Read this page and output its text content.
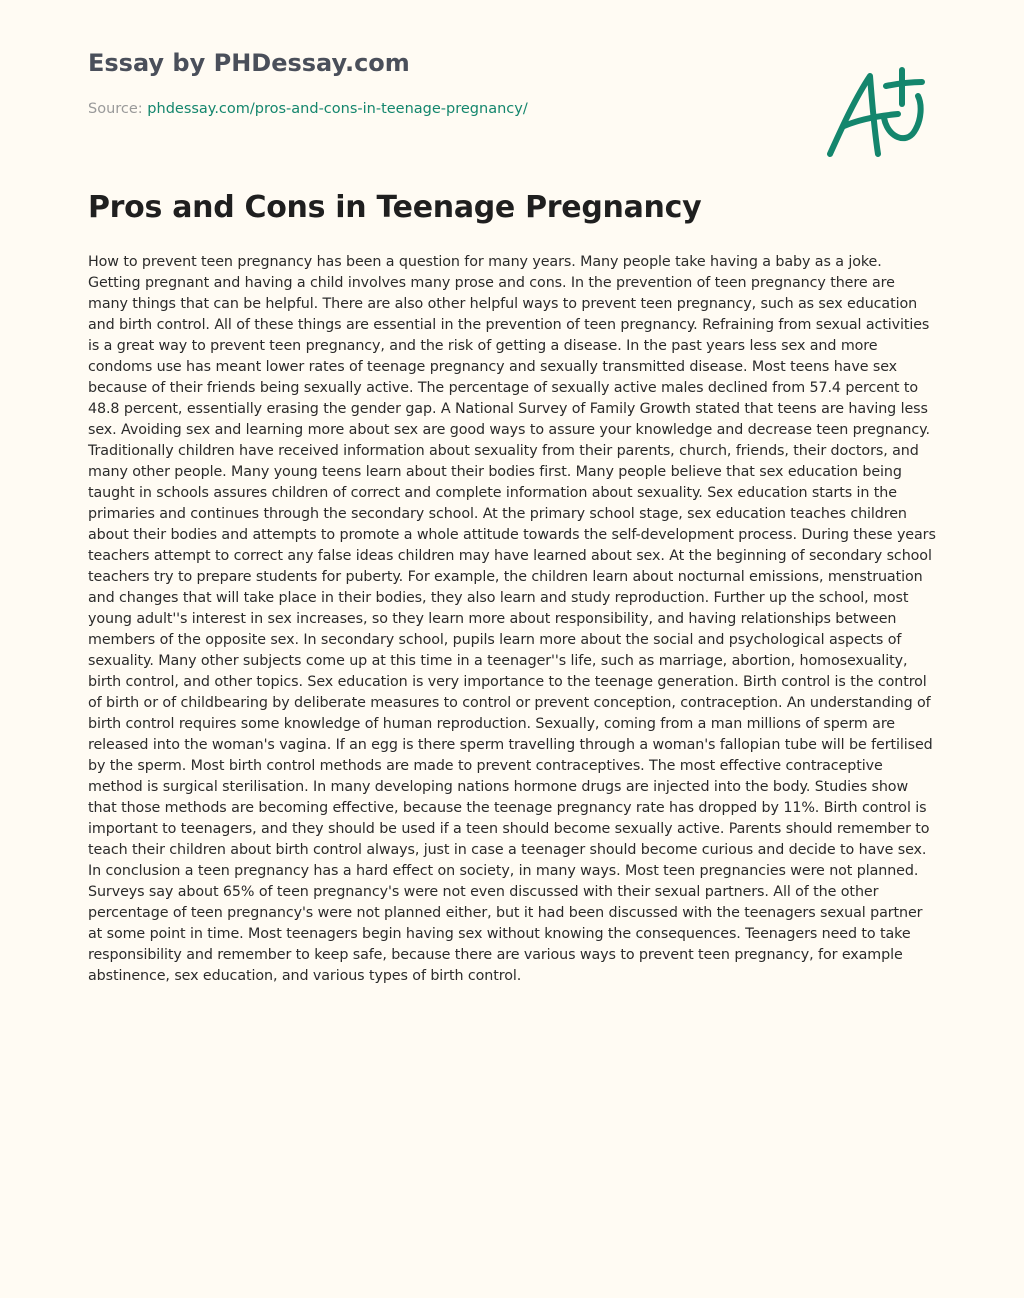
Essay by PHDessay.com
Source: phdessay.com/pros-and-cons-in-teenage-pregnancy/
Pros and Cons in Teenage Pregnancy

How to prevent teen pregnancy has been a question for many years. Many people take having a baby as a joke. Getting pregnant and having a child involves many prose and cons. In the prevention of teen pregnancy there are many things that can be helpful. There are also other helpful ways to prevent teen pregnancy, such as sex education and birth control. All of these things are essential in the prevention of teen pregnancy. Refraining from sexual activities is a great way to prevent teen pregnancy, and the risk of getting a disease. In the past years less sex and more condoms use has meant lower rates of teenage pregnancy and sexually transmitted disease. Most teens have sex because of their friends being sexually active. The percentage of sexually active males declined from 57.4 percent to 48.8 percent, essentially erasing the gender gap. A National Survey of Family Growth stated that teens are having less sex. Avoiding sex and learning more about sex are good ways to assure your knowledge and decrease teen pregnancy. Traditionally children have received information about sexuality from their parents, church, friends, their doctors, and many other people. Many young teens learn about their bodies first. Many people believe that sex education being taught in schools assures children of correct and complete information about sexuality. Sex education starts in the primaries and continues through the secondary school. At the primary school stage, sex education teaches children about their bodies and attempts to promote a whole attitude towards the self-development process. During these years teachers attempt to correct any false ideas children may have learned about sex. At the beginning of secondary school teachers try to prepare students for puberty. For example, the children learn about nocturnal emissions, menstruation and changes that will take place in their bodies, they also learn and study reproduction. Further up the school, most young adult''s interest in sex increases, so they learn more about responsibility, and having relationships between members of the opposite sex. In secondary school, pupils learn more about the social and psychological aspects of sexuality. Many other subjects come up at this time in a teenager''s life, such as marriage, abortion, homosexuality, birth control, and other topics. Sex education is very importance to the teenage generation. Birth control is the control of birth or of childbearing by deliberate measures to control or prevent conception, contraception. An understanding of birth control requires some knowledge of human reproduction. Sexually, coming from a man millions of sperm are released into the woman's vagina. If an egg is there sperm travelling through a woman's fallopian tube will be fertilised by the sperm. Most birth control methods are made to prevent contraceptives. The most effective contraceptive method is surgical sterilisation. In many developing nations hormone drugs are injected into the body. Studies show that those methods are becoming effective, because the teenage pregnancy rate has dropped by 11%. Birth control is important to teenagers, and they should be used if a teen should become sexually active. Parents should remember to teach their children about birth control always, just in case a teenager should become curious and decide to have sex. In conclusion a teen pregnancy has a hard effect on society, in many ways. Most teen pregnancies were not planned. Surveys say about 65% of teen pregnancy's were not even discussed with their sexual partners. All of the other percentage of teen pregnancy's were not planned either, but it had been discussed with the teenagers sexual partner at some point in time. Most teenagers begin having sex without knowing the consequences. Teenagers need to take responsibility and remember to keep safe, because there are various ways to prevent teen pregnancy, for example abstinence, sex education, and various types of birth control.
